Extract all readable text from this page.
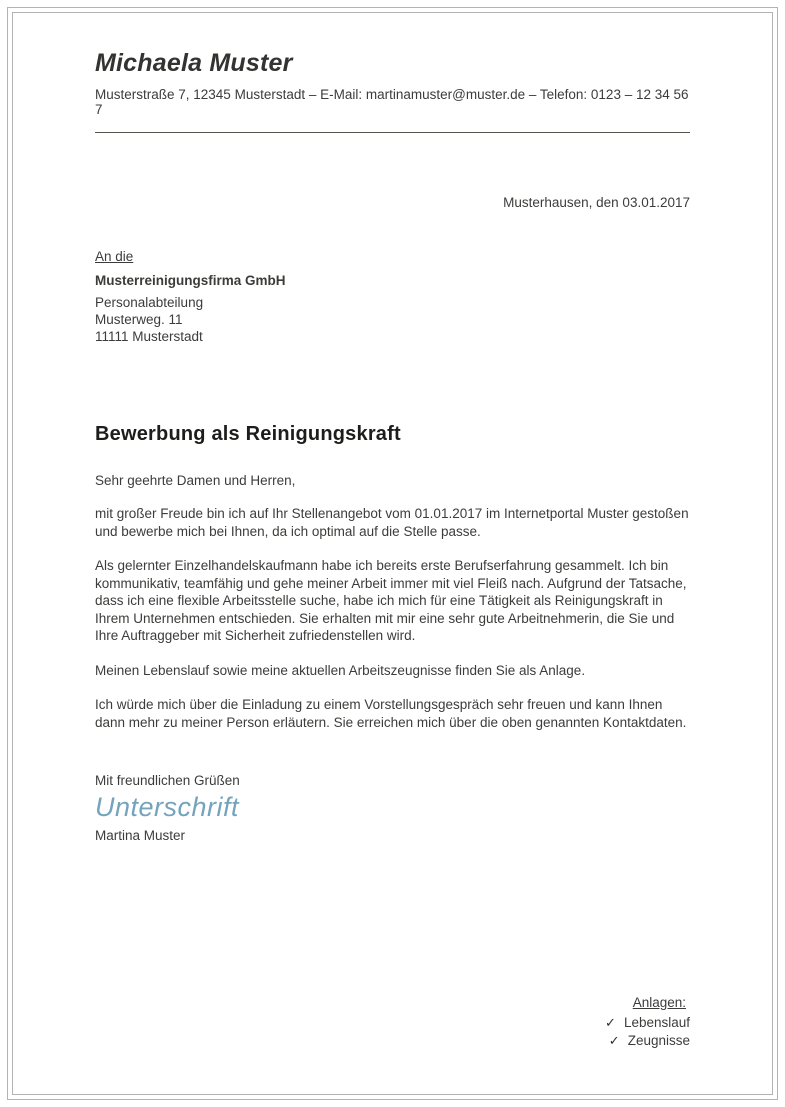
Michaela Muster
Musterstraße 7, 12345 Musterstadt – E-Mail: martinamuster@muster.de – Telefon: 0123 – 12 34 56 7
Musterhausen, den 03.01.2017

An die

Musterreinigungsfirma GmbH

Personalabteilung

Musterweg. 11

11111 Musterstadt

Bewerbung als Reinigungskraft

Sehr geehrte Damen und Herren,

mit großer Freude bin ich auf Ihr Stellenangebot vom 01.01.2017 im Internetportal Muster gestoßen und bewerbe mich bei Ihnen, da ich optimal auf die Stelle passe.

Als gelernter Einzelhandelskaufmann habe ich bereits erste Berufserfahrung gesammelt. Ich bin kommunikativ, teamfähig und gehe meiner Arbeit immer mit viel Fleiß nach. Aufgrund der Tatsache, dass ich eine flexible Arbeitsstelle suche, habe ich mich für eine Tätigkeit als Reinigungskraft in Ihrem Unternehmen entschieden. Sie erhalten mit mir eine sehr gute Arbeitnehmerin, die Sie und Ihre Auftraggeber mit Sicherheit zufriedenstellen wird.

Meinen Lebenslauf sowie meine aktuellen Arbeitszeugnisse finden Sie als Anlage.

Ich würde mich über die Einladung zu einem Vorstellungsgespräch sehr freuen und kann Ihnen dann mehr zu meiner Person erläutern. Sie erreichen mich über die oben genannten Kontaktdaten.

Mit freundlichen Grüßen

Unterschrift

Martina Muster

Anlagen:
✓ Lebenslauf
✓ Zeugnisse
